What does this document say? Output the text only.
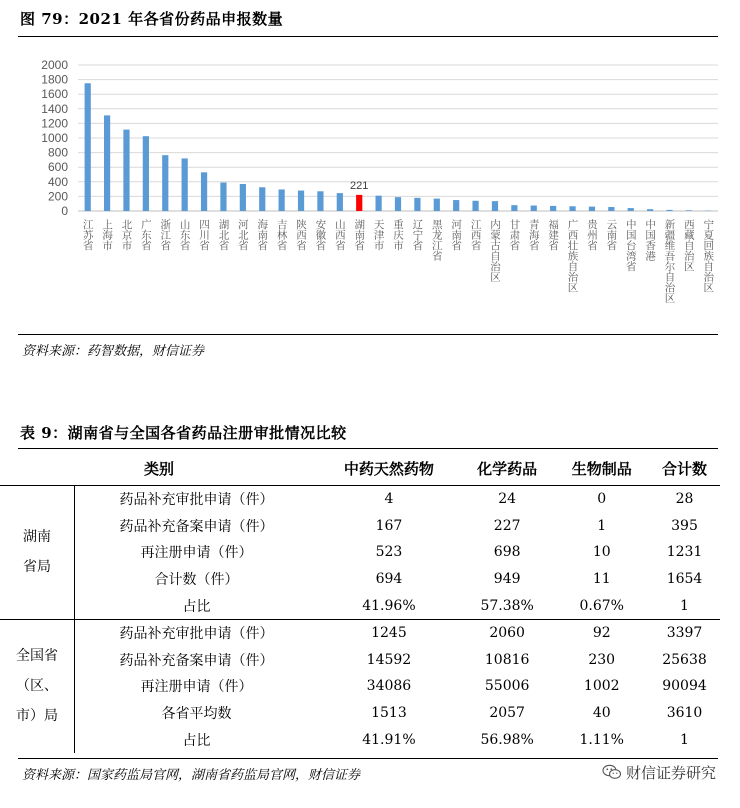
图 79：2021 年各省份药品申报数量
0
200
400
600
800
1000
1200
1400
1600
1800
2000
江苏省 上海市 北京市 广东省 浙江省 山东省 四川省 湖北省 河北省 海南省 吉林省 陕西省 安徽省 山西省 湖南省 天津市 重庆市 辽宁省 黑龙江省 河南省 江西省 内蒙古自治区 甘肃省 青海省 福建省 广西壮族自治区 贵州省 云南省 中国台湾省 中国香港 新疆维吾尔自治区 西藏自治区 宁夏回族自治区
221
资料来源：药智数据，财信证券
表 9：湖南省与全国各省药品注册审批情况比较
类别		中药天然药物	化学药品	生物制品	合计数
湖南
省局	药品补充审批申请（件）	4	24	0	28
	药品补充备案申请（件）	167	227	1	395
	再注册申请（件）	523	698	10	1231
	合计数（件）	694	949	11	1654
	占比	41.96%	57.38%	0.67%	1
全国省
（区、
市）局	药品补充审批申请（件）	1245	2060	92	3397
	药品补充备案申请（件）	14592	10816	230	25638
	再注册申请（件）	34086	55006	1002	90094
	各省平均数	1513	2057	40	3610
	占比	41.91%	56.98%	1.11%	1
资料来源：国家药监局官网，湖南省药监局官网，财信证券	财信证券研究
